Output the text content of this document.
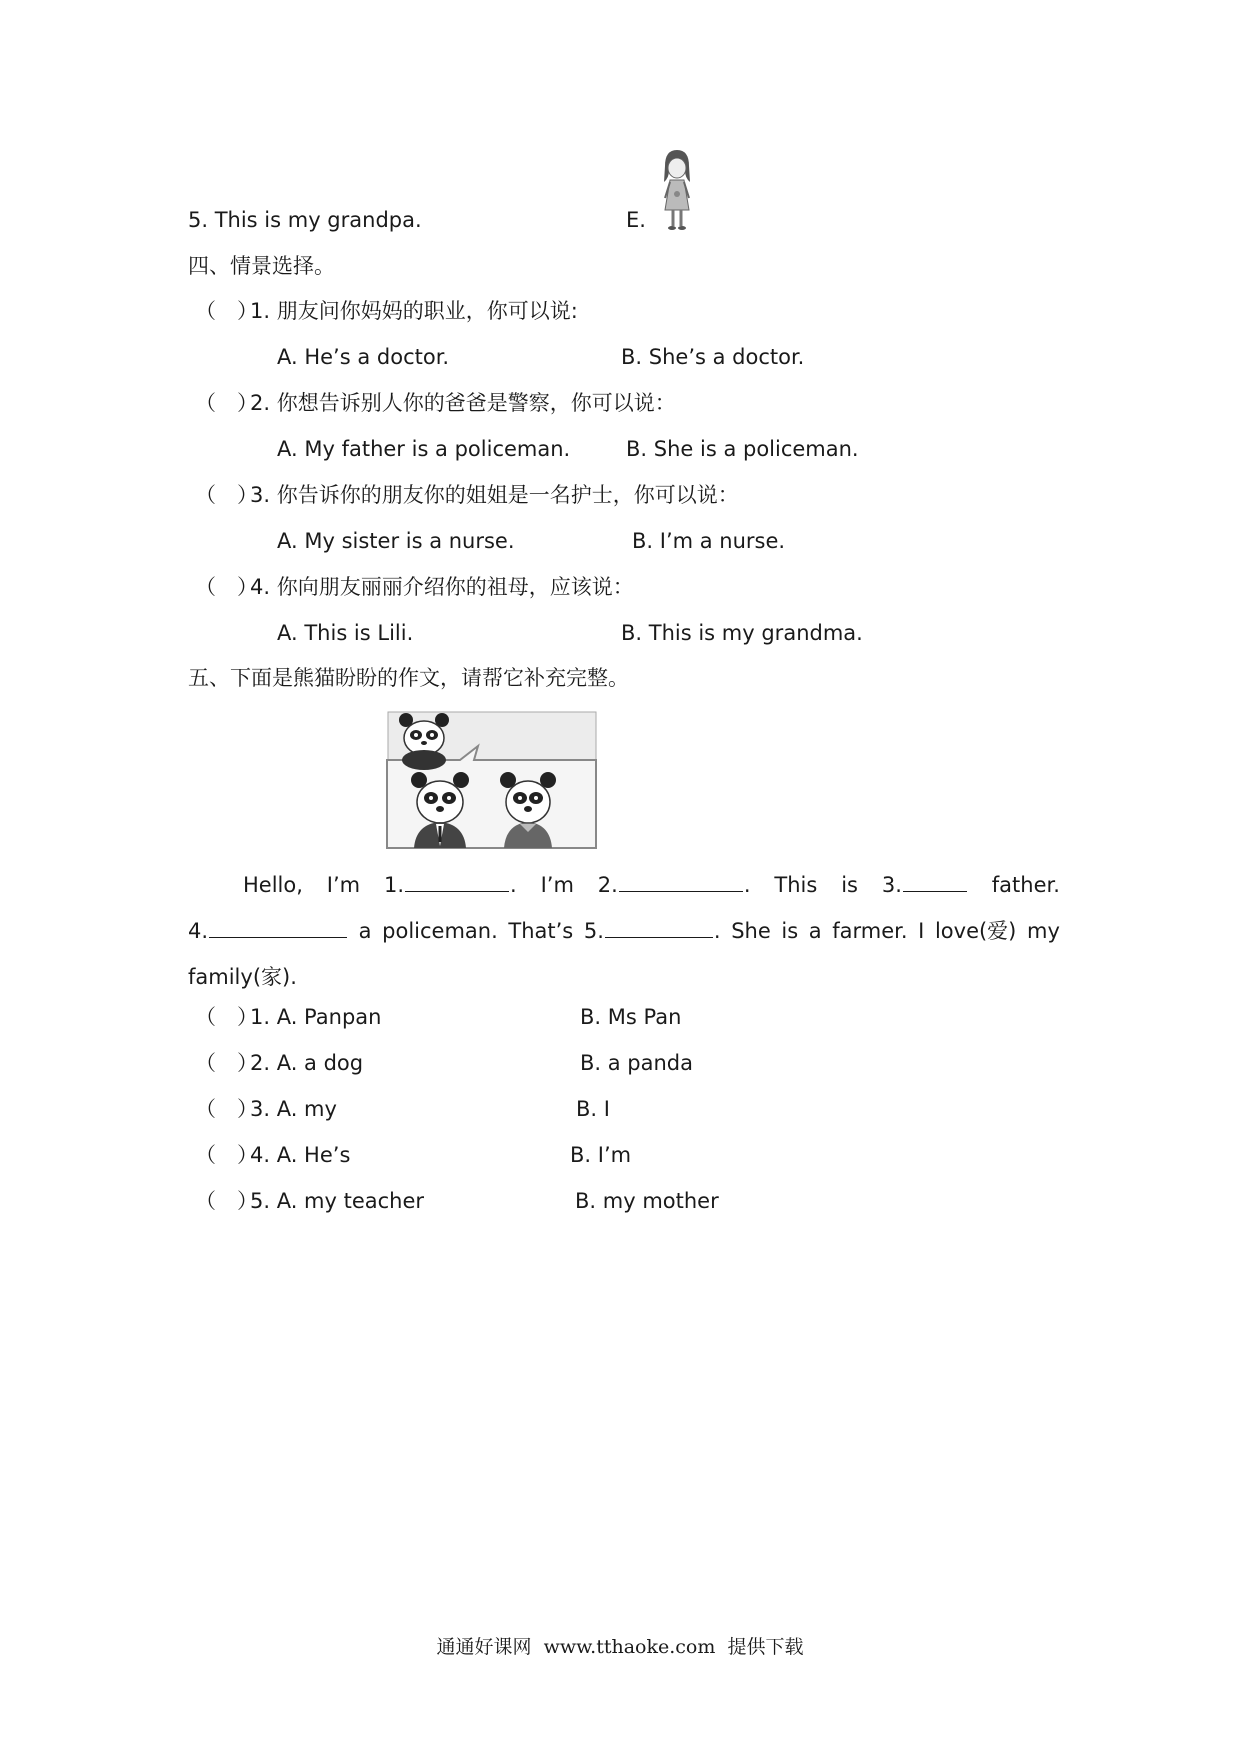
5. This is my grandpa.	E.
四、情景选择。
（　）
1. 朋友问你妈妈的职业，你可以说:
A. He’s a doctor.	B. She’s a doctor.
（　）
2. 你想告诉别人你的爸爸是警察，你可以说：
A. My father is a policeman.	B. She is a policeman.
（　）
3. 你告诉你的朋友你的姐姐是一名护士，你可以说：
A. My sister is a nurse.	B. I’m a nurse.
（　）
4. 你向朋友丽丽介绍你的祖母，应该说：
A. This is Lili.	B. This is my grandma.
五、下面是熊猫盼盼的作文，请帮它补充完整。
Hello, I’m 1.	. I’m 2.	. This is 3.	father.
4.	a policeman. That’s 5.	. She is a farmer. I love(爱) my
family(家).
（　）
1. A. Panpan	B. Ms Pan
（　）
2. A. a dog	B. a panda
（　）
3. A. my	B. I
（　）
4. A. He’s	B. I’m
（　）
5. A. my teacher	B. my mother
通通好课网  www.tthaoke.com  提供下载
